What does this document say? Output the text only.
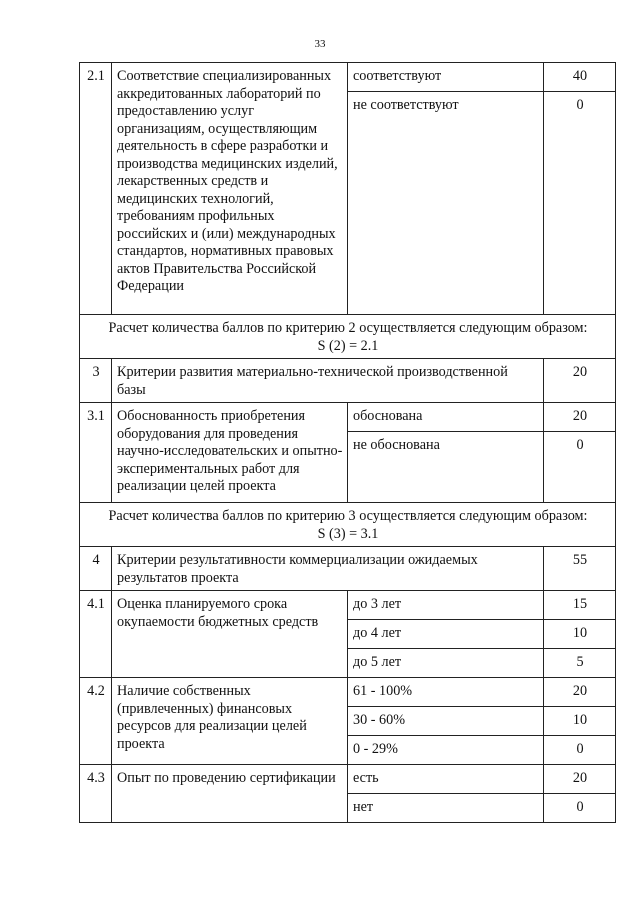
33
2.1	Соответствие специализированных аккредитованных лабораторий по предоставлению услуг организациям, осуществляющим деятельность в сфере разработки и производства медицинских изделий, лекарственных средств и медицинских технологий, требованиям профильных российских и (или) международных стандартов, нормативных правовых актов Правительства Российской Федерации	соответствуют	40
		не соответствуют	0

Расчет количества баллов по критерию 2 осуществляется следующим образом:
S (2) = 2.1			

3	Критерии развития материально-технической производственной базы		20
3.1	Обоснованность приобретения оборудования для проведения научно-исследовательских и опытно-экспериментальных работ для реализации целей проекта	обоснована	20
		не обоснована	0

Расчет количества баллов по критерию 3 осуществляется следующим образом:
S (3) = 3.1			

4	Критерии результативности коммерциализации ожидаемых результатов проекта		55
4.1	Оценка планируемого срока окупаемости бюджетных средств	до 3 лет	15
		до 4 лет	10
		до 5 лет	5
4.2	Наличие собственных (привлеченных) финансовых ресурсов для реализации целей проекта	61 - 100%	20
		30 - 60%	10
		0 - 29%	0
4.3	Опыт по проведению сертификации	есть	20
		нет	0
